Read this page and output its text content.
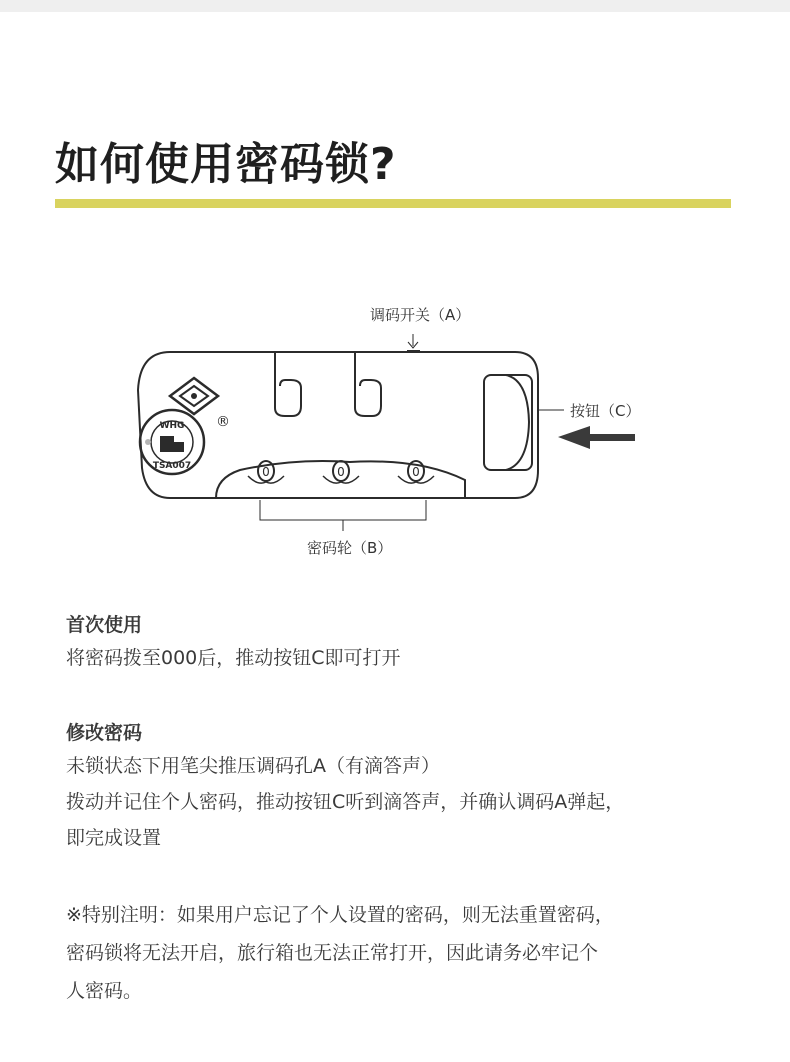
如何使用密码锁?
0	0	0
®
WHG
TSA007
调码开关（A）
按钮（C）
密码轮（B）

首次使用

将密码拨至000后，推动按钮C即可打开

修改密码

未锁状态下用笔尖推压调码孔A（有滴答声）

拨动并记住个人密码，推动按钮C听到滴答声，并确认调码A弹起，

即完成设置

※特别注明：如果用户忘记了个人设置的密码，则无法重置密码，

密码锁将无法开启，旅行箱也无法正常打开，因此请务必牢记个

人密码。
